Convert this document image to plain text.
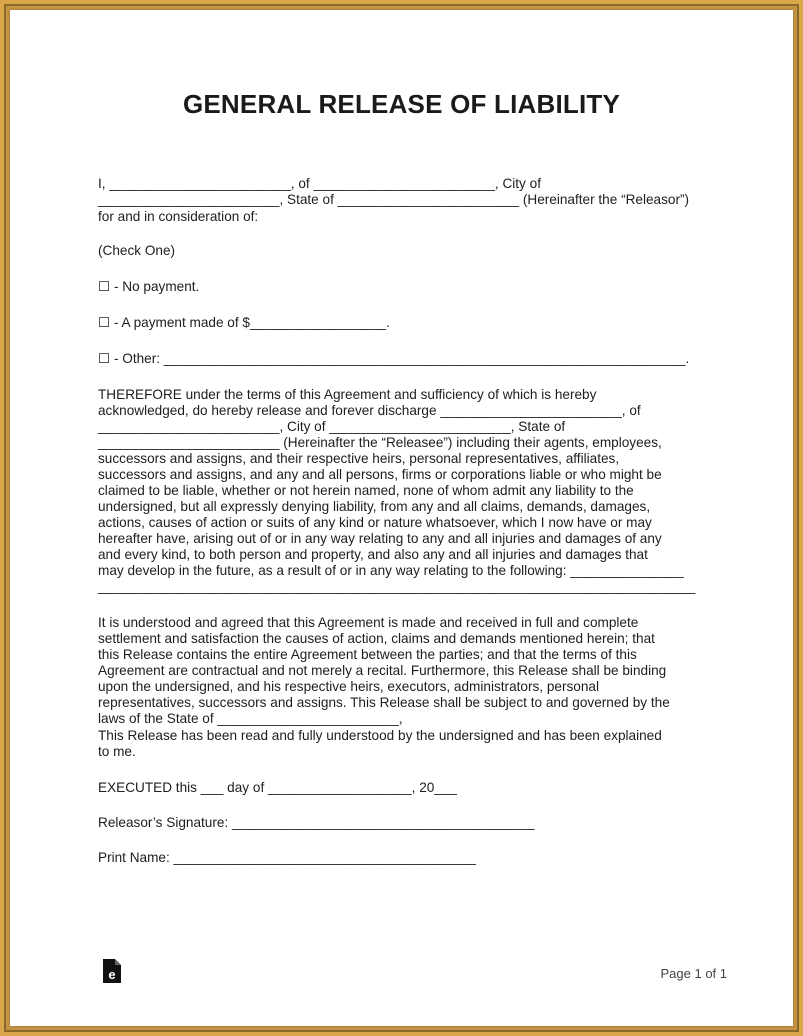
GENERAL RELEASE OF LIABILITY
I, ________________________, of ________________________, City of
________________________, State of ________________________ (Hereinafter the “Releasor”)
for and in consideration of:
(Check One)
☐ - No payment.
☐ - A payment made of $__________________.
☐ - Other: _____________________________________________________________________.
THEREFORE under the terms of this Agreement and sufficiency of which is hereby
acknowledged, do hereby release and forever discharge ________________________, of
________________________, City of ________________________, State of
________________________ (Hereinafter the “Releasee”) including their agents, employees,
successors and assigns, and their respective heirs, personal representatives, affiliates,
successors and assigns, and any and all persons, firms or corporations liable or who might be
claimed to be liable, whether or not herein named, none of whom admit any liability to the
undersigned, but all expressly denying liability, from any and all claims, demands, damages,
actions, causes of action or suits of any kind or nature whatsoever, which I now have or may
hereafter have, arising out of or in any way relating to any and all injuries and damages of any
and every kind, to both person and property, and also any and all injuries and damages that
may develop in the future, as a result of or in any way relating to the following: _______________
_______________________________________________________________________________
It is understood and agreed that this Agreement is made and received in full and complete
settlement and satisfaction the causes of action, claims and demands mentioned herein; that
this Release contains the entire Agreement between the parties; and that the terms of this
Agreement are contractual and not merely a recital. Furthermore, this Release shall be binding
upon the undersigned, and his respective heirs, executors, administrators, personal
representatives, successors and assigns. This Release shall be subject to and governed by the
laws of the State of ________________________,
This Release has been read and fully understood by the undersigned and has been explained
to me.
EXECUTED this ___ day of ___________________, 20___
Releasor’s Signature: ________________________________________
Print Name: ________________________________________
e	Page 1 of 1
